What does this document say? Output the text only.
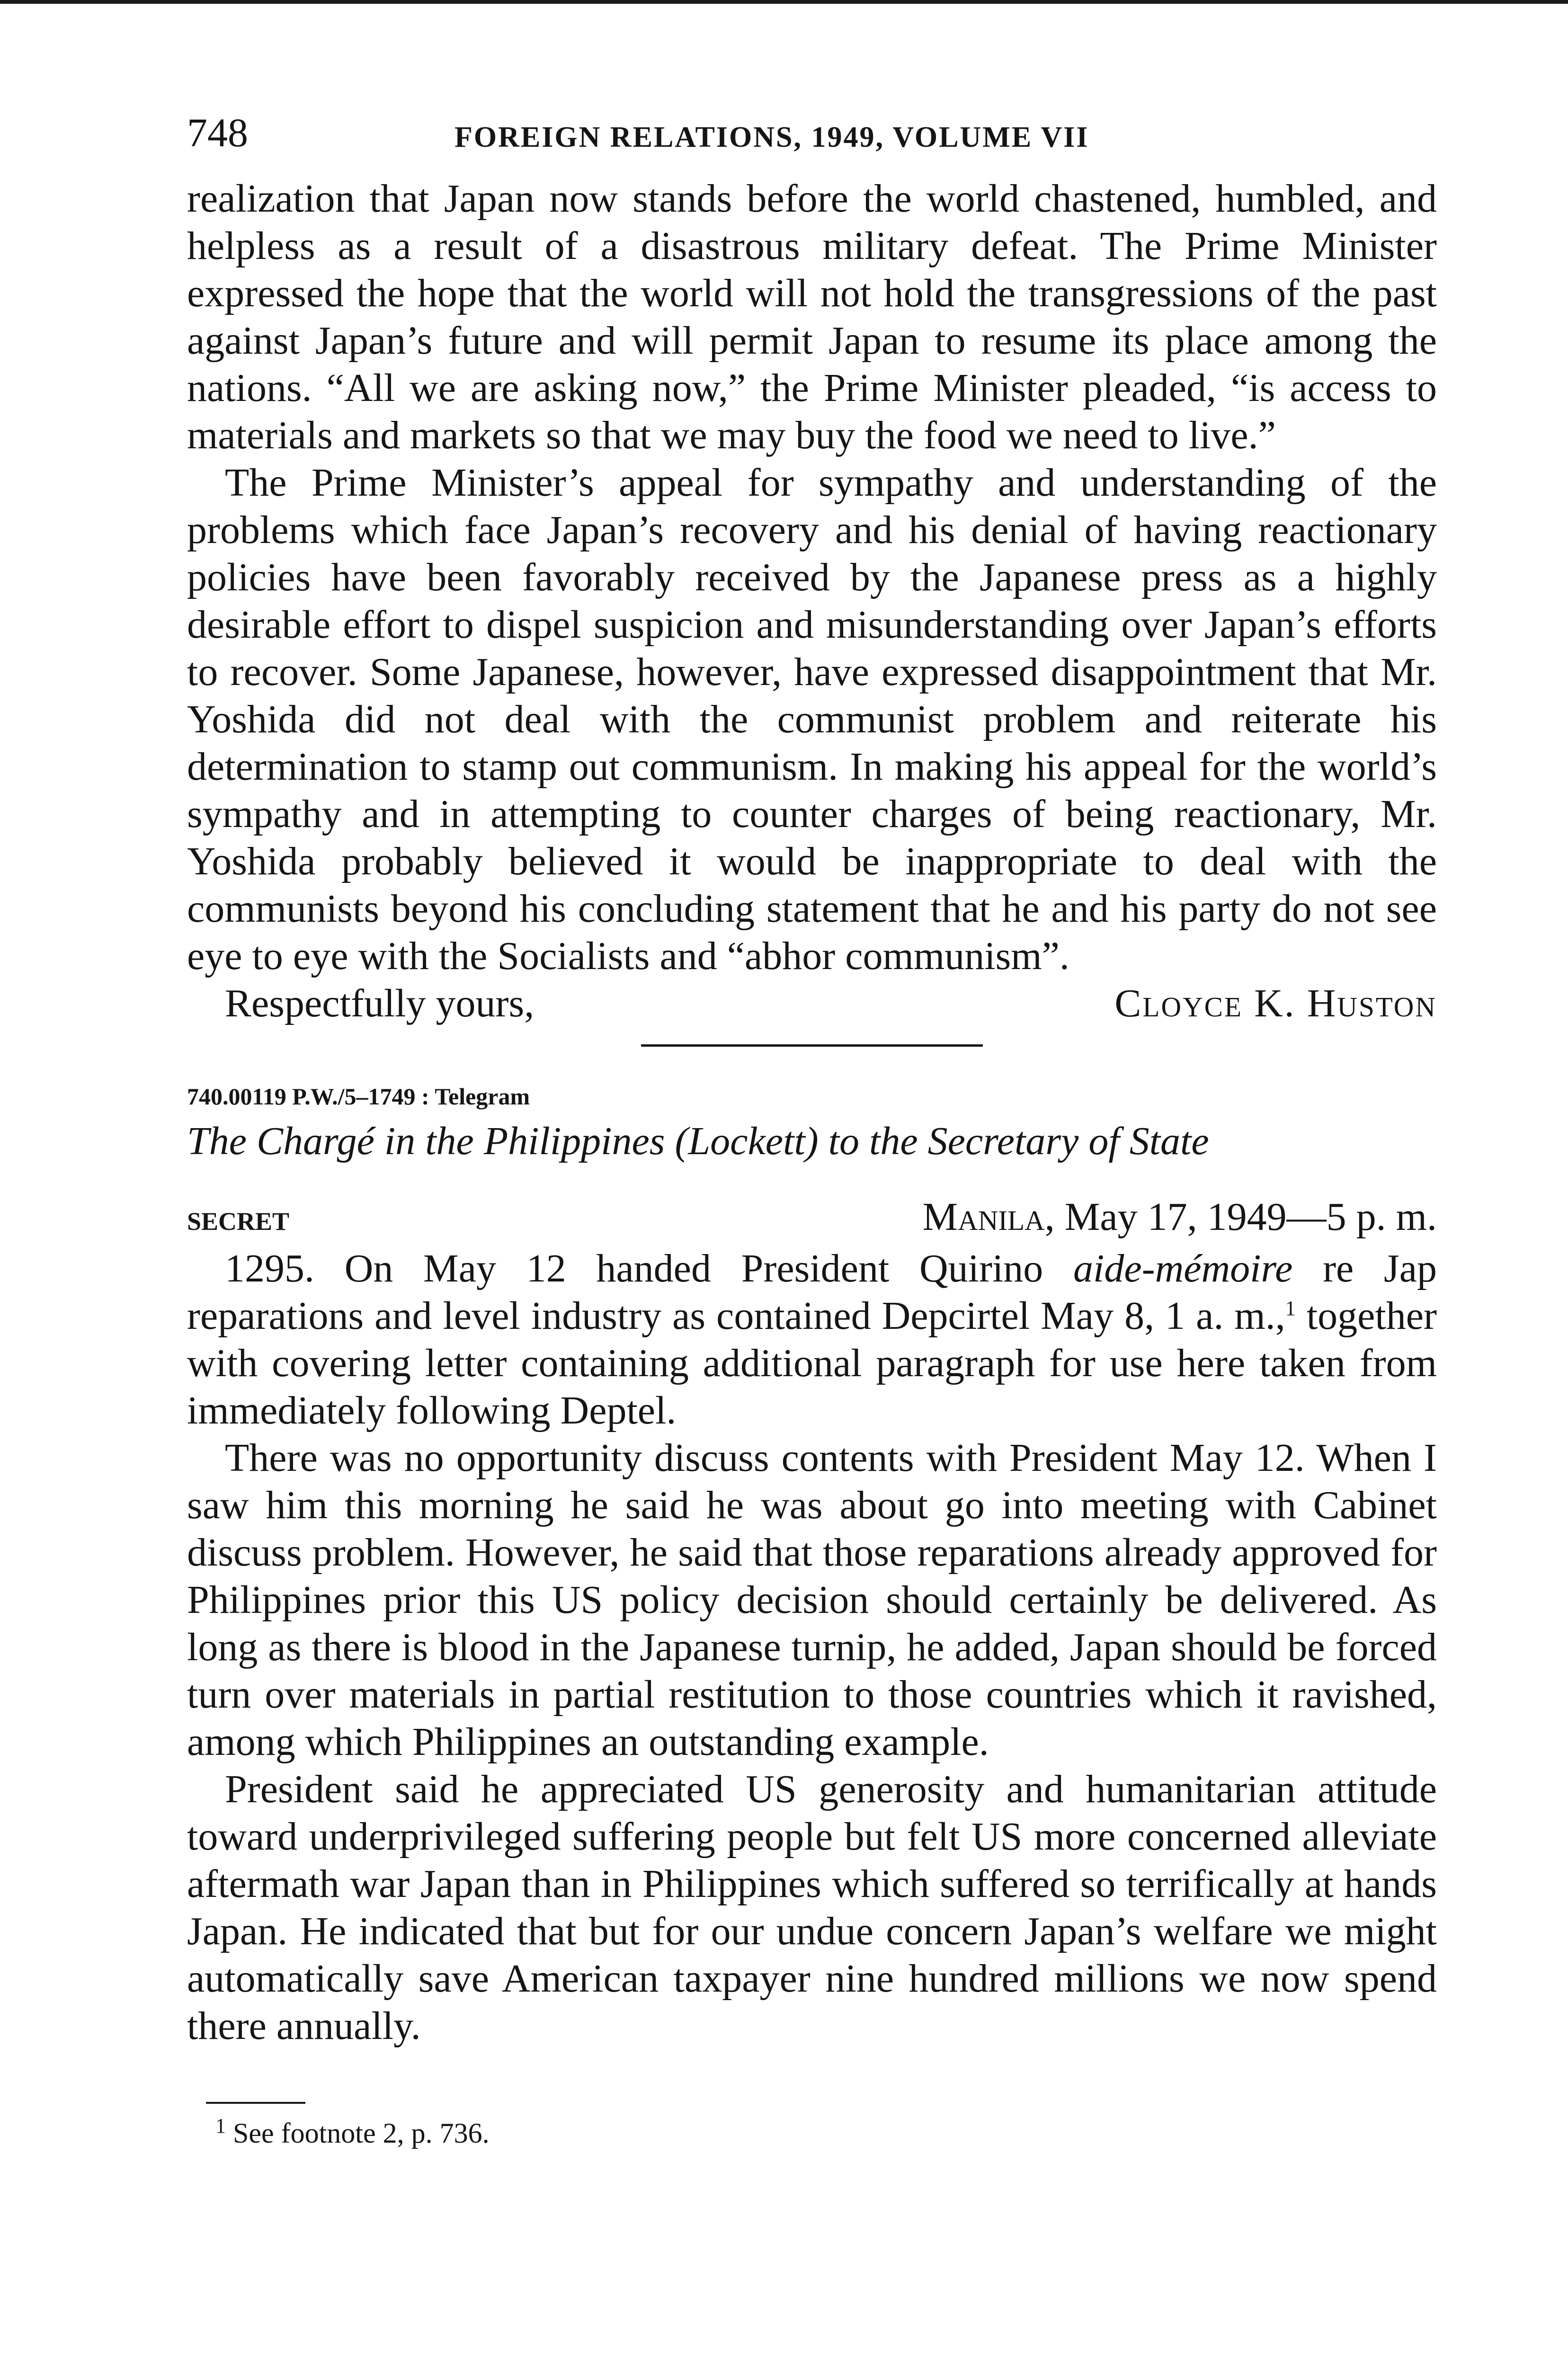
748	FOREIGN RELATIONS, 1949, VOLUME VII

realization that Japan now stands before the world chastened, humbled, and helpless as a result of a disastrous military defeat. The Prime Minister expressed the hope that the world will not hold the transgressions of the past against Japan’s future and will permit Japan to resume its place among the nations. “All we are asking now,” the Prime Minister pleaded, “is access to materials and markets so that we may buy the food we need to live.”

The Prime Minister’s appeal for sympathy and understanding of the problems which face Japan’s recovery and his denial of having reactionary policies have been favorably received by the Japanese press as a highly desirable effort to dispel suspicion and misunderstanding over Japan’s efforts to recover. Some Japanese, however, have expressed disappointment that Mr. Yoshida did not deal with the communist problem and reiterate his determination to stamp out communism. In making his appeal for the world’s sympathy and in attempting to counter charges of being reactionary, Mr. Yoshida probably believed it would be inappropriate to deal with the communists beyond his concluding statement that he and his party do not see eye to eye with the Socialists and “abhor communism”.

Respectfully yours,	Cloyce K. Huston
740.00119 P.W./5–1749 : Telegram
The Chargé in the Philippines (Lockett) to the Secretary of State
SECRET	Manila, May 17, 1949—5 p. m.

1295. On May 12 handed President Quirino aide-mémoire re Jap reparations and level industry as contained Depcirtel May 8, 1 a. m.,$^1$ together with covering letter containing additional paragraph for use here taken from immediately following Deptel.

There was no opportunity discuss contents with President May 12. When I saw him this morning he said he was about go into meeting with Cabinet discuss problem. However, he said that those reparations already approved for Philippines prior this US policy decision should certainly be delivered. As long as there is blood in the Japanese turnip, he added, Japan should be forced turn over materials in partial restitution to those countries which it ravished, among which Philippines an outstanding example.

President said he appreciated US generosity and humanitarian attitude toward underprivileged suffering people but felt US more concerned alleviate aftermath war Japan than in Philippines which suffered so terrifically at hands Japan. He indicated that but for our undue concern Japan’s welfare we might automatically save American taxpayer nine hundred millions we now spend there annually.

$^1$ See footnote 2, p. 736.
